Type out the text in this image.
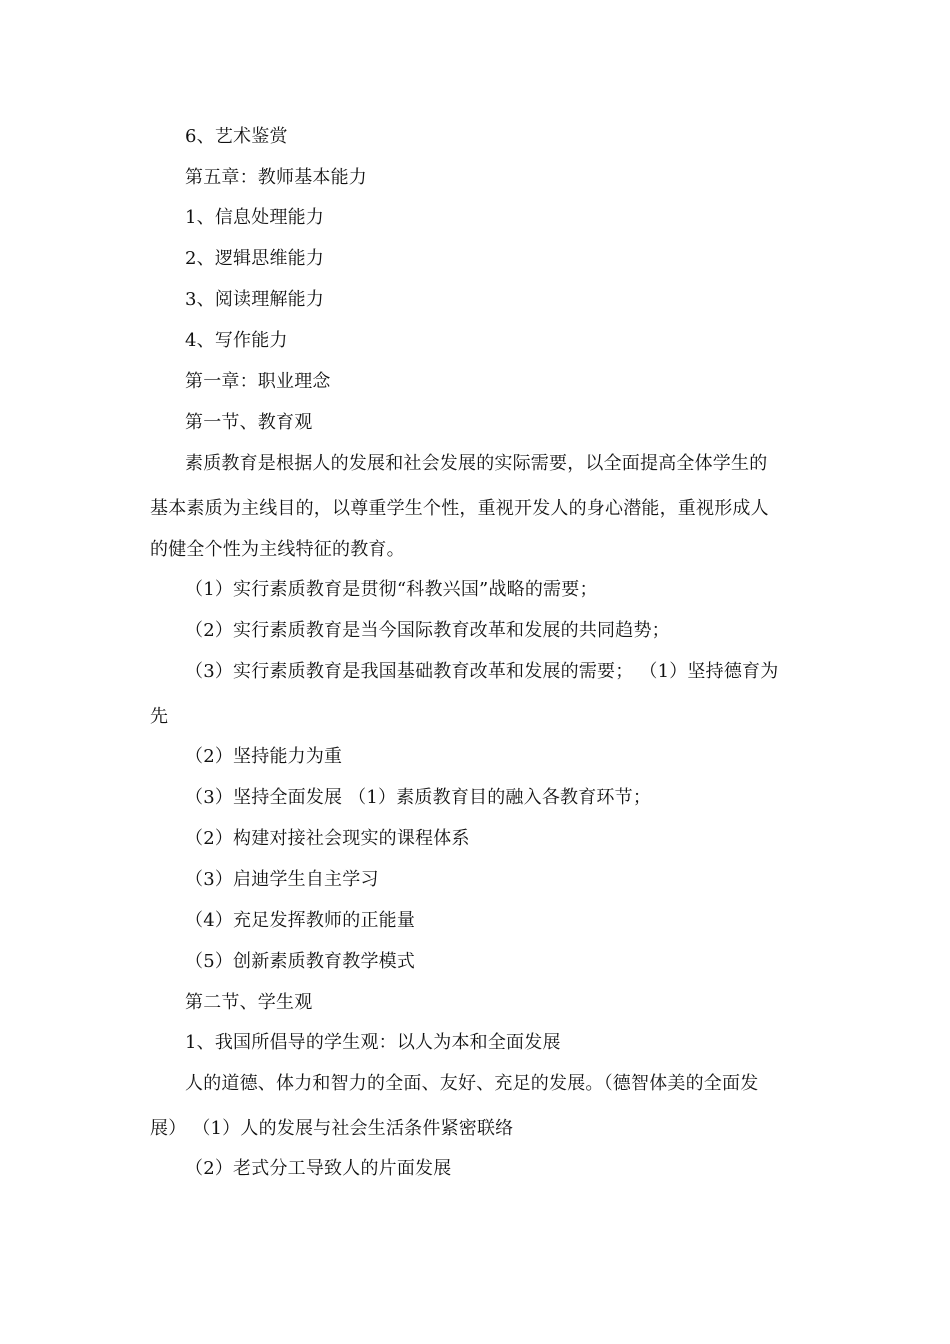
6、艺术鉴赏
第五章：教师基本能力
1、信息处理能力
2、逻辑思维能力
3、阅读理解能力
4、写作能力
第一章：职业理念
第一节、教育观
素质教育是根据人的发展和社会发展的实际需要，以全面提高全体学生的
基本素质为主线目的，以尊重学生个性，重视开发人的身心潜能，重视形成人
的健全个性为主线特征的教育。
（1）实行素质教育是贯彻“科教兴国”战略的需要；
（2）实行素质教育是当今国际教育改革和发展的共同趋势；
（3）实行素质教育是我国基础教育改革和发展的需要； （1）坚持德育为
先
（2）坚持能力为重
（3）坚持全面发展 （1）素质教育目的融入各教育环节；
（2）构建对接社会现实的课程体系
（3）启迪学生自主学习
（4）充足发挥教师的正能量
（5）创新素质教育教学模式
第二节、学生观
1、我国所倡导的学生观：以人为本和全面发展
人的道德、体力和智力的全面、友好、充足的发展。（德智体美的全面发
展） （1）人的发展与社会生活条件紧密联络
（2）老式分工导致人的片面发展
